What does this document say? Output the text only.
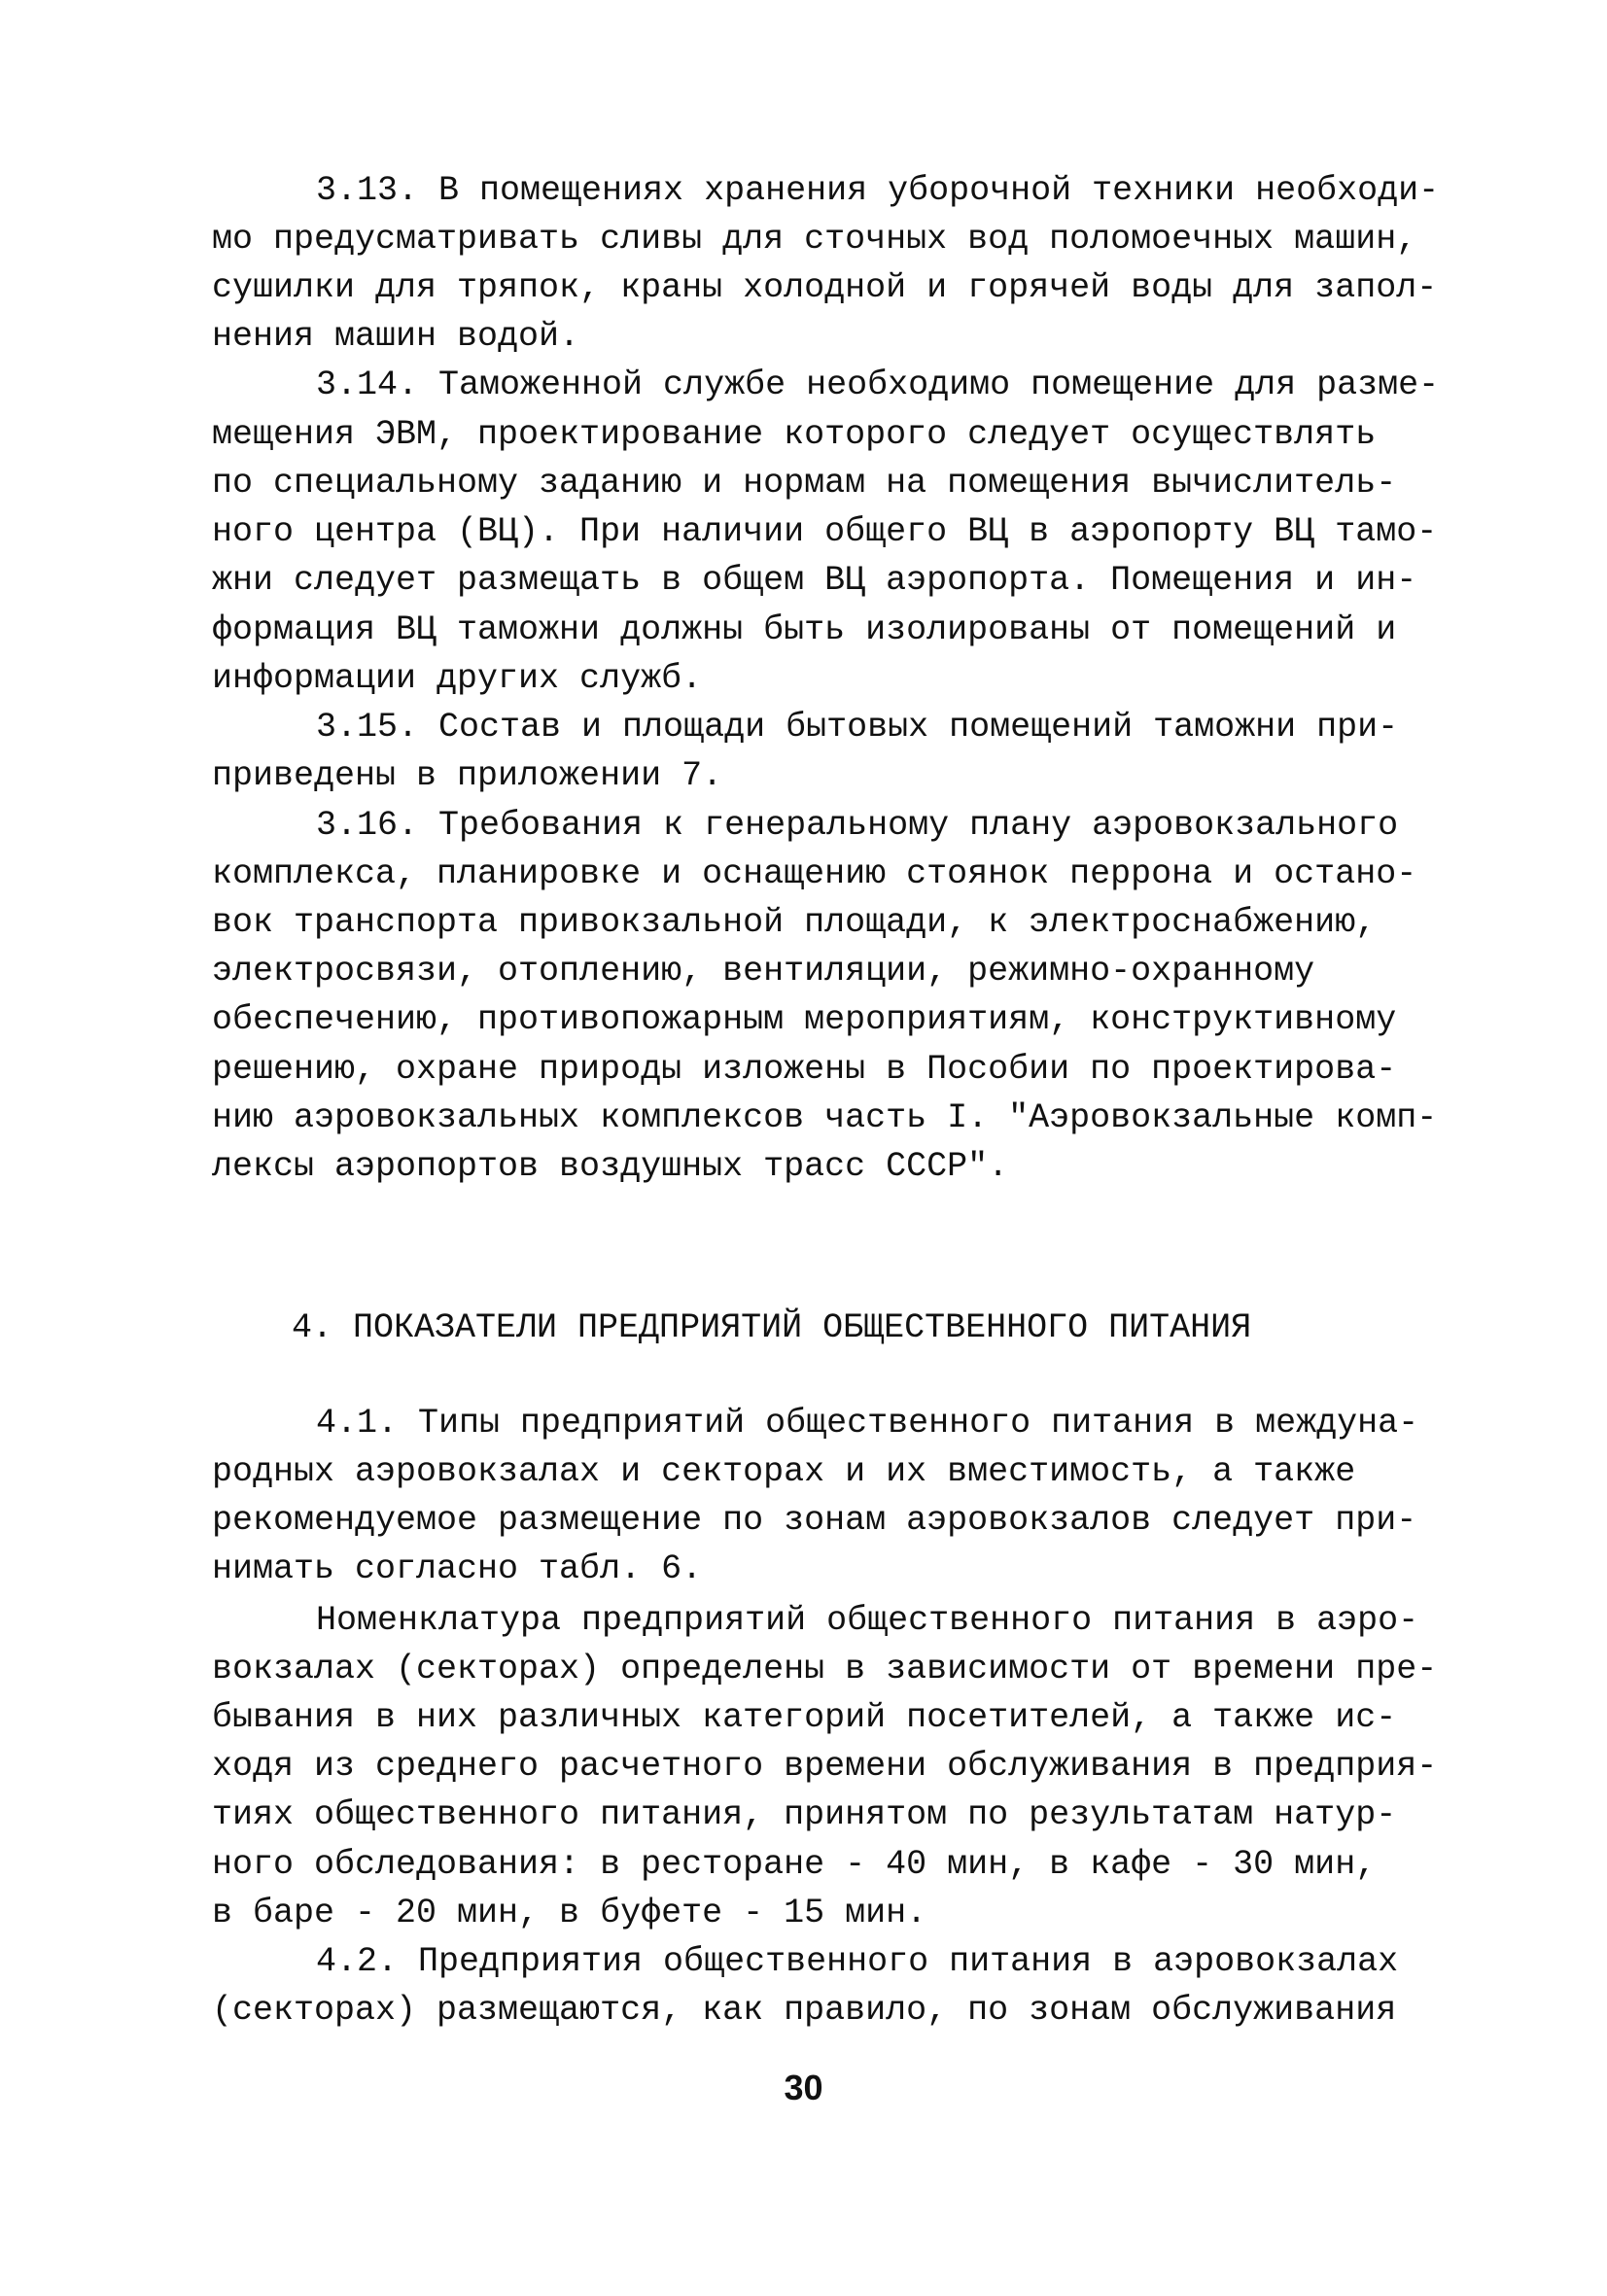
3.13. В помещениях хранения уборочной техники необходи-
мо предусматривать сливы для сточных вод поломоечных машин,
сушилки для тряпок, краны холодной и горячей воды для запол-
нения машин водой.
3.14. Таможенной службе необходимо помещение для разме-
мещения ЭВМ, проектирование которого следует осуществлять
по специальному заданию и нормам на помещения вычислитель-
ного центра (ВЦ). При наличии общего ВЦ в аэропорту ВЦ тамо-
жни следует размещать в общем ВЦ аэропорта. Помещения и ин-
формация ВЦ таможни должны быть изолированы от помещений и
информации других служб.
3.15. Состав и площади бытовых помещений таможни при-
приведены в приложении 7.
3.16. Требования к генеральному плану аэровокзального
комплекса, планировке и оснащению стоянок перрона и остано-
вок транспорта привокзальной площади, к электроснабжению,
электросвязи, отоплению, вентиляции, режимно-охранному
обеспечению, противопожарным мероприятиям, конструктивному
решению, охране природы изложены в Пособии по проектирова-
нию аэровокзальных комплексов часть I. "Аэровокзальные комп-
лексы аэропортов воздушных трасс СССР".
4. ПОКАЗАТЕЛИ ПРЕДПРИЯТИЙ ОБЩЕСТВЕННОГО ПИТАНИЯ
4.1. Типы предприятий общественного питания в междуна-
родных аэровокзалах и секторах и их вместимость, а также
рекомендуемое размещение по зонам аэровокзалов следует при-
нимать согласно табл. 6.
Номенклатура предприятий общественного питания в аэро-
вокзалах (секторах) определены в зависимости от времени пре-
бывания в них различных категорий посетителей, а также ис-
ходя из среднего расчетного времени обслуживания в предприя-
тиях общественного питания, принятом по результатам натур-
ного обследования: в ресторане - 40 мин, в кафе - 30 мин,
в баре - 20 мин, в буфете - 15 мин.
4.2. Предприятия общественного питания в аэровокзалах
(секторах) размещаются, как правило, по зонам обслуживания
30
